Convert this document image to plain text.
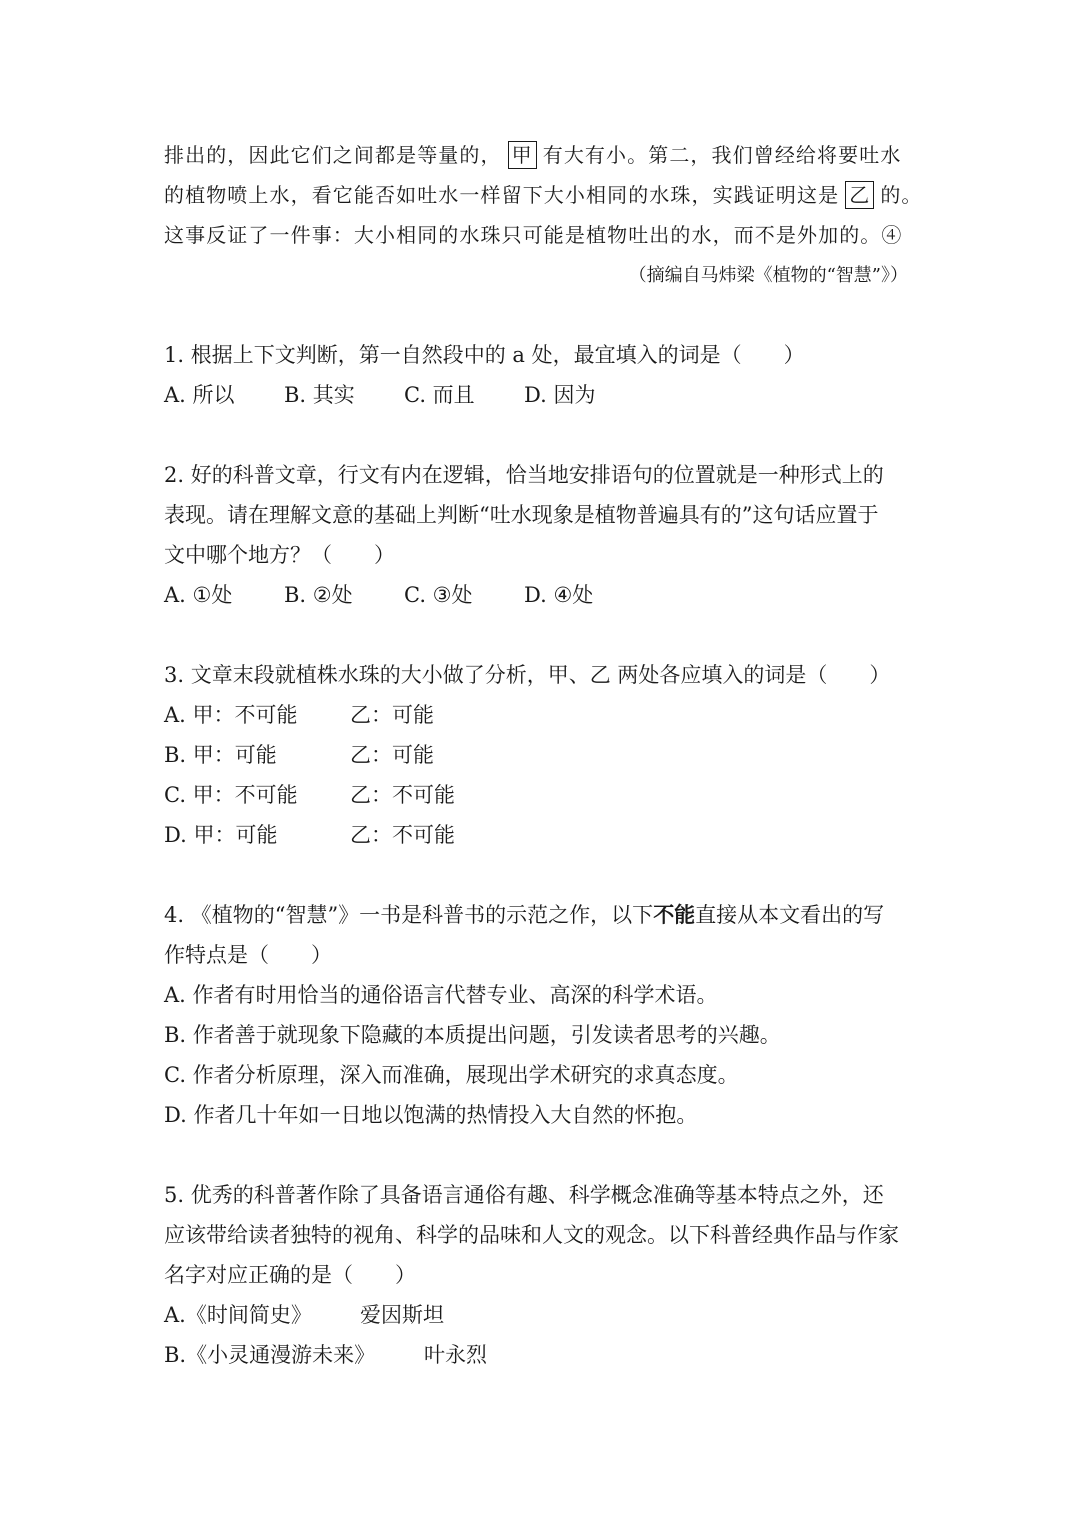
排出的，因此它们之间都是等量的， 甲 有大有小。第二，我们曾经给将要吐水
的植物喷上水，看它能否如吐水一样留下大小相同的水珠，实践证明这是 乙 的。
这事反证了一件事：大小相同的水珠只可能是植物吐出的水，而不是外加的。④
（摘编自马炜梁《植物的“智慧”》）
1. 根据上下文判断，第一自然段中的 a 处，最宜填入的词是（　　）
A. 所以 B. 其实 C. 而且 D. 因为
2. 好的科普文章，行文有内在逻辑，恰当地安排语句的位置就是一种形式上的
表现。请在理解文意的基础上判断“吐水现象是植物普遍具有的”这句话应置于
文中哪个地方？（　　）
A. ①处 B. ②处 C. ③处 D. ④处
3. 文章末段就植株水珠的大小做了分析，甲、乙 两处各应填入的词是（　　）
A. 甲：不可能 乙：可能
B. 甲：可能	乙：可能
C. 甲：不可能 乙：不可能
D. 甲：可能	乙：不可能
4. 《植物的“智慧”》一书是科普书的示范之作，以下不能直接从本文看出的写
作特点是（　　）
A. 作者有时用恰当的通俗语言代替专业、高深的科学术语。
B. 作者善于就现象下隐藏的本质提出问题，引发读者思考的兴趣。
C. 作者分析原理，深入而准确，展现出学术研究的求真态度。
D. 作者几十年如一日地以饱满的热情投入大自然的怀抱。
5. 优秀的科普著作除了具备语言通俗有趣、科学概念准确等基本特点之外，还
应该带给读者独特的视角、科学的品味和人文的观念。以下科普经典作品与作家
名字对应正确的是（　　）
A.《时间简史》 爱因斯坦
B.《小灵通漫游未来》 叶永烈
